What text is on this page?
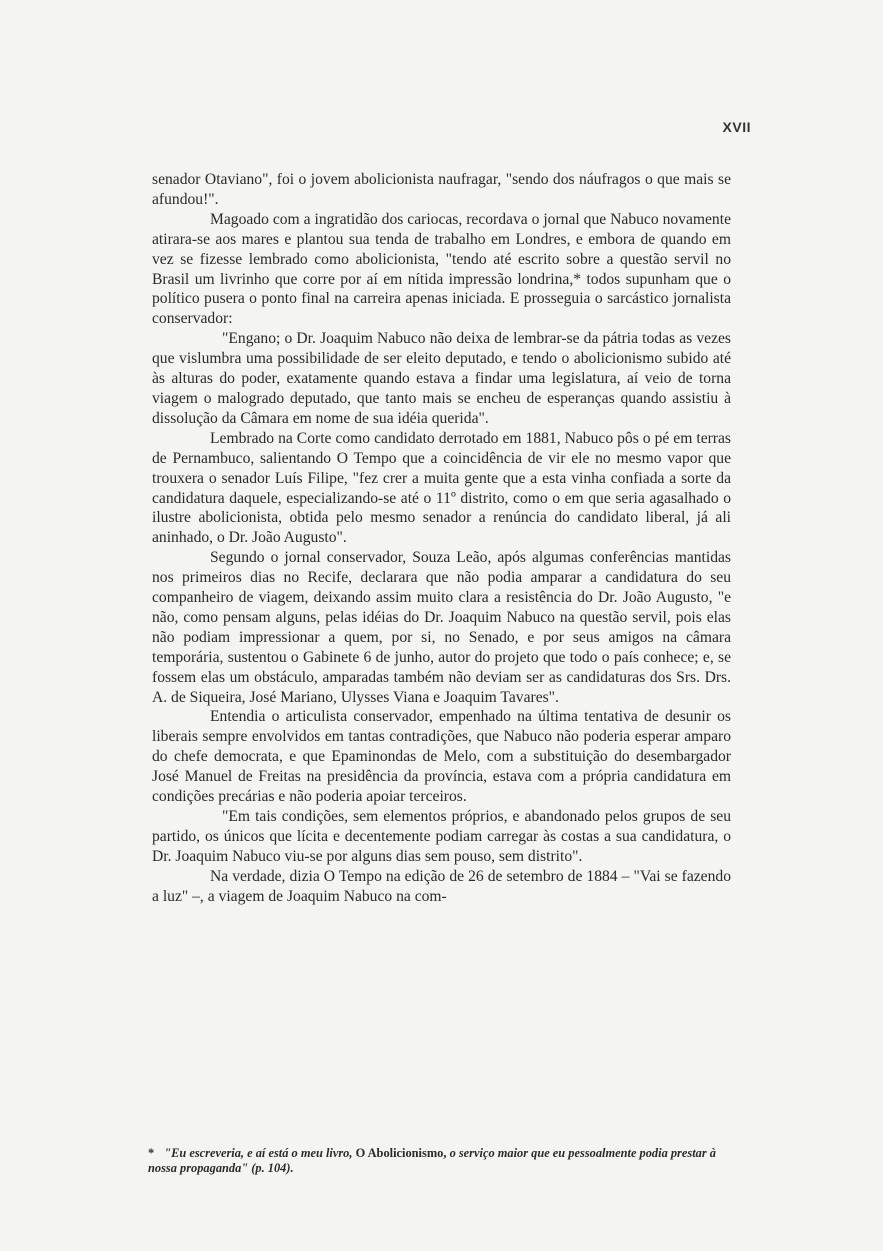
XVII

senador Otaviano", foi o jovem abolicionista naufragar, "sendo dos náufragos o que mais se afundou!".

Magoado com a ingratidão dos cariocas, recordava o jornal que Nabuco novamente atirara-se aos mares e plantou sua tenda de trabalho em Londres, e embora de quando em vez se fizesse lembrado como abolicionista, "tendo até escrito sobre a questão servil no Brasil um livrinho que corre por aí em nítida impressão londrina,* todos supunham que o político pusera o ponto final na carreira apenas iniciada. E prosseguia o sarcástico jornalista conservador:

"Engano; o Dr. Joaquim Nabuco não deixa de lembrar-se da pátria todas as vezes que vislumbra uma possibilidade de ser eleito deputado, e tendo o abolicionismo subido até às alturas do poder, exatamente quando estava a findar uma legislatura, aí veio de torna viagem o malogrado deputado, que tanto mais se encheu de esperanças quando assistiu à dissolução da Câmara em nome de sua idéia querida".

Lembrado na Corte como candidato derrotado em 1881, Nabuco pôs o pé em terras de Pernambuco, salientando O Tempo que a coincidência de vir ele no mesmo vapor que trouxera o senador Luís Filipe, "fez crer a muita gente que a esta vinha confiada a sorte da candidatura daquele, especializando-se até o 11º distrito, como o em que seria agasalhado o ilustre abolicionista, obtida pelo mesmo senador a renúncia do candidato liberal, já ali aninhado, o Dr. João Augusto".

Segundo o jornal conservador, Souza Leão, após algumas conferências mantidas nos primeiros dias no Recife, declarara que não podia amparar a candidatura do seu companheiro de viagem, deixando assim muito clara a resistência do Dr. João Augusto, "e não, como pensam alguns, pelas idéias do Dr. Joaquim Nabuco na questão servil, pois elas não podiam impressionar a quem, por si, no Senado, e por seus amigos na câmara temporária, sustentou o Gabinete 6 de junho, autor do projeto que todo o país conhece; e, se fossem elas um obstáculo, amparadas também não deviam ser as candidaturas dos Srs. Drs. A. de Siqueira, José Mariano, Ulysses Viana e Joaquim Tavares".

Entendia o articulista conservador, empenhado na última tentativa de desunir os liberais sempre envolvidos em tantas contradições, que Nabuco não poderia esperar amparo do chefe democrata, e que Epaminondas de Melo, com a substituição do desembargador José Manuel de Freitas na presidência da província, estava com a própria candidatura em condições precárias e não poderia apoiar terceiros.

"Em tais condições, sem elementos próprios, e abandonado pelos grupos de seu partido, os únicos que lícita e decentemente podiam carregar às costas a sua candidatura, o Dr. Joaquim Nabuco viu-se por alguns dias sem pouso, sem distrito".

Na verdade, dizia O Tempo na edição de 26 de setembro de 1884 – "Vai se fazendo a luz" –, a viagem de Joaquim Nabuco na com-

* "Eu escreveria, e aí está o meu livro, O Abolicionismo, o serviço maior que eu pessoalmente podia prestar à nossa propaganda" (p. 104).
